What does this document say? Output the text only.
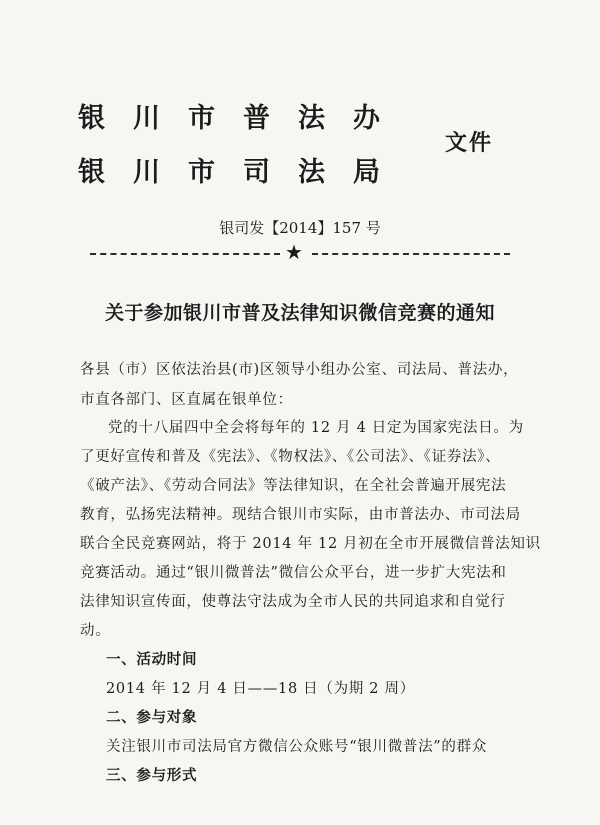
银川市普法办
银川市司法局
文件
银司发【2014】157 号
★
关于参加银川市普及法律知识微信竞赛的通知
各县（市）区依法治县(市)区领导小组办公室、司法局、普法办，
市直各部门、区直属在银单位：
党的十八届四中全会将每年的 12 月 4 日定为国家宪法日。为
了更好宣传和普及《宪法》、《物权法》、《公司法》、《证券法》、
《破产法》、《劳动合同法》等法律知识，在全社会普遍开展宪法
教育，弘扬宪法精神。现结合银川市实际，由市普法办、市司法局
联合全民竞赛网站，将于 2014 年 12 月初在全市开展微信普法知识
竞赛活动。通过“银川微普法”微信公众平台，进一步扩大宪法和
法律知识宣传面，使尊法守法成为全市人民的共同追求和自觉行
动。
一、活动时间
2014 年 12 月 4 日——18 日（为期 2 周）
二、参与对象
关注银川市司法局官方微信公众账号“银川微普法”的群众
三、参与形式
